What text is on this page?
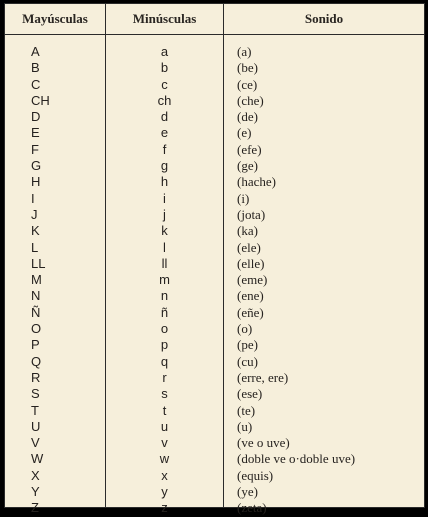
Mayúsculas	Minúsculas	Sonido
A	a	(a)
B	b	(be)
C	c	(ce)
CH	ch	(che)
D	d	(de)
E	e	(e)
F	f	(efe)
G	g	(ge)
H	h	(hache)
I	i	(i)
J	j	(jota)
K	k	(ka)
L	l	(ele)
LL	ll	(elle)
M	m	(eme)
N	n	(ene)
Ñ	ñ	(eñe)
O	o	(o)
P	p	(pe)
Q	q	(cu)
R	r	(erre, ere)
S	s	(ese)
T	t	(te)
U	u	(u)
V	v	(ve o uve)
W	w	(doble ve o·doble uve)
X	x	(equis)
Y	y	(ye)
Z	z	(zeta)
